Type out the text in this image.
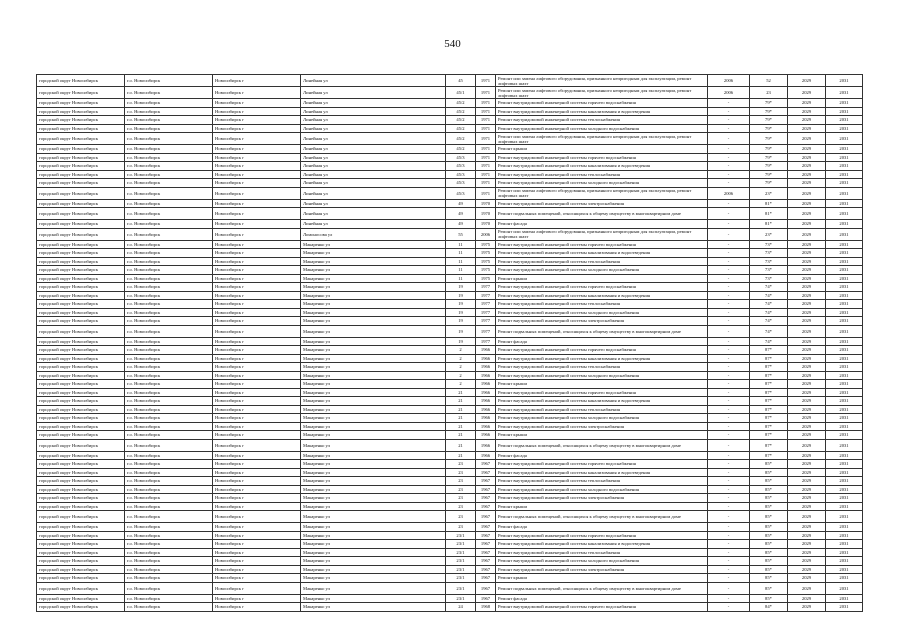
540
городской округ Новосибирск	г.о. Новосибирск	Новосибирск г	Линейная ул	45	1971	Ремонт или замена лифтового оборудования, признанного непригодным для эксплуатации, ремонт лифтовых шахт	2006	52	2029	2031
городской округ Новосибирск	г.о. Новосибирск	Новосибирск г	Линейная ул	45/1	1971	Ремонт или замена лифтового оборудования, признанного непригодным для эксплуатации, ремонт лифтовых шахт	2006	23	2029	2031
городской округ Новосибирск	г.о. Новосибирск	Новосибирск г	Линейная ул	45/2	1971	Ремонт внутридомовой инженерной системы горячего водоснабжения	-	79*	2029	2031
городской округ Новосибирск	г.о. Новосибирск	Новосибирск г	Линейная ул	45/2	1971	Ремонт внутридомовой инженерной системы канализования и водоотведения	-	79*	2029	2031
городской округ Новосибирск	г.о. Новосибирск	Новосибирск г	Линейная ул	45/2	1971	Ремонт внутридомовой инженерной системы теплоснабжения	-	79*	2029	2031
городской округ Новосибирск	г.о. Новосибирск	Новосибирск г	Линейная ул	45/2	1971	Ремонт внутридомовой инженерной системы холодного водоснабжения	-	79*	2029	2031
городской округ Новосибирск	г.о. Новосибирск	Новосибирск г	Линейная ул	45/2	1971	Ремонт или замена лифтового оборудования, признанного непригодным для эксплуатации, ремонт лифтовых шахт	-	79*	2029	2031
городской округ Новосибирск	г.о. Новосибирск	Новосибирск г	Линейная ул	45/2	1971	Ремонт крыши	-	79*	2029	2031
городской округ Новосибирск	г.о. Новосибирск	Новосибирск г	Линейная ул	45/3	1971	Ремонт внутридомовой инженерной системы горячего водоснабжения	-	79*	2029	2031
городской округ Новосибирск	г.о. Новосибирск	Новосибирск г	Линейная ул	45/3	1971	Ремонт внутридомовой инженерной системы канализования и водоотведения	-	79*	2029	2031
городской округ Новосибирск	г.о. Новосибирск	Новосибирск г	Линейная ул	45/3	1971	Ремонт внутридомовой инженерной системы теплоснабжения	-	79*	2029	2031
городской округ Новосибирск	г.о. Новосибирск	Новосибирск г	Линейная ул	45/3	1971	Ремонт внутридомовой инженерной системы холодного водоснабжения	-	79*	2029	2031
городской округ Новосибирск	г.о. Новосибирск	Новосибирск г	Линейная ул	45/3	1971	Ремонт или замена лифтового оборудования, признанного непригодным для эксплуатации, ремонт лифтовых шахт	2006	23*	2029	2031
городской округ Новосибирск	г.о. Новосибирск	Новосибирск г	Линейная ул	49	1970	Ремонт внутридомовой инженерной системы электроснабжения	-	81*	2029	2031
городской округ Новосибирск	г.о. Новосибирск	Новосибирск г	Линейная ул	49	1970	Ремонт подвальных помещений, относящихся к общему имуществу в многоквартирном доме	-	81*	2029	2031
городской округ Новосибирск	г.о. Новосибирск	Новосибирск г	Линейная ул	49	1970	Ремонт фасада	-	81*	2029	2031
городской округ Новосибирск	г.о. Новосибирск	Новосибирск г	Ломоносова ул	55	2006	Ремонт или замена лифтового оборудования, признанного непригодным для эксплуатации, ремонт лифтовых шахт	-	23*	2029	2031
городской округ Новосибирск	г.о. Новосибирск	Новосибирск г	Макаренко ул	11	1975	Ремонт внутридомовой инженерной системы горячего водоснабжения	-	73*	2029	2031
городской округ Новосибирск	г.о. Новосибирск	Новосибирск г	Макаренко ул	11	1975	Ремонт внутридомовой инженерной системы канализования и водоотведения	-	73*	2029	2031
городской округ Новосибирск	г.о. Новосибирск	Новосибирск г	Макаренко ул	11	1975	Ремонт внутридомовой инженерной системы теплоснабжения	-	73*	2029	2031
городской округ Новосибирск	г.о. Новосибирск	Новосибирск г	Макаренко ул	11	1975	Ремонт внутридомовой инженерной системы холодного водоснабжения	-	73*	2029	2031
городской округ Новосибирск	г.о. Новосибирск	Новосибирск г	Макаренко ул	11	1975	Ремонт крыши	-	73*	2029	2031
городской округ Новосибирск	г.о. Новосибирск	Новосибирск г	Макаренко ул	19	1977	Ремонт внутридомовой инженерной системы горячего водоснабжения	-	74*	2029	2031
городской округ Новосибирск	г.о. Новосибирск	Новосибирск г	Макаренко ул	19	1977	Ремонт внутридомовой инженерной системы канализования и водоотведения	-	74*	2029	2031
городской округ Новосибирск	г.о. Новосибирск	Новосибирск г	Макаренко ул	19	1977	Ремонт внутридомовой инженерной системы теплоснабжения	-	74*	2029	2031
городской округ Новосибирск	г.о. Новосибирск	Новосибирск г	Макаренко ул	19	1977	Ремонт внутридомовой инженерной системы холодного водоснабжения	-	74*	2029	2031
городской округ Новосибирск	г.о. Новосибирск	Новосибирск г	Макаренко ул	19	1977	Ремонт внутридомовой инженерной системы электроснабжения	-	74*	2029	2031
городской округ Новосибирск	г.о. Новосибирск	Новосибирск г	Макаренко ул	19	1977	Ремонт подвальных помещений, относящихся к общему имуществу в многоквартирном доме	-	74*	2029	2031
городской округ Новосибирск	г.о. Новосибирск	Новосибирск г	Макаренко ул	19	1977	Ремонт фасада	-	74*	2029	2031
городской округ Новосибирск	г.о. Новосибирск	Новосибирск г	Макаренко ул	2	1966	Ремонт внутридомовой инженерной системы горячего водоснабжения	-	87*	2029	2031
городской округ Новосибирск	г.о. Новосибирск	Новосибирск г	Макаренко ул	2	1966	Ремонт внутридомовой инженерной системы канализования и водоотведения	-	87*	2029	2031
городской округ Новосибирск	г.о. Новосибирск	Новосибирск г	Макаренко ул	2	1966	Ремонт внутридомовой инженерной системы теплоснабжения	-	87*	2029	2031
городской округ Новосибирск	г.о. Новосибирск	Новосибирск г	Макаренко ул	2	1966	Ремонт внутридомовой инженерной системы холодного водоснабжения	-	87*	2029	2031
городской округ Новосибирск	г.о. Новосибирск	Новосибирск г	Макаренко ул	2	1966	Ремонт крыши	-	87*	2029	2031
городской округ Новосибирск	г.о. Новосибирск	Новосибирск г	Макаренко ул	21	1966	Ремонт внутридомовой инженерной системы горячего водоснабжения	-	87*	2029	2031
городской округ Новосибирск	г.о. Новосибирск	Новосибирск г	Макаренко ул	21	1966	Ремонт внутридомовой инженерной системы канализования и водоотведения	-	87*	2029	2031
городской округ Новосибирск	г.о. Новосибирск	Новосибирск г	Макаренко ул	21	1966	Ремонт внутридомовой инженерной системы теплоснабжения	-	87*	2029	2031
городской округ Новосибирск	г.о. Новосибирск	Новосибирск г	Макаренко ул	21	1966	Ремонт внутридомовой инженерной системы холодного водоснабжения	-	87*	2029	2031
городской округ Новосибирск	г.о. Новосибирск	Новосибирск г	Макаренко ул	21	1966	Ремонт внутридомовой инженерной системы электроснабжения	-	87*	2029	2031
городской округ Новосибирск	г.о. Новосибирск	Новосибирск г	Макаренко ул	21	1966	Ремонт крыши	-	87*	2029	2031
городской округ Новосибирск	г.о. Новосибирск	Новосибирск г	Макаренко ул	21	1966	Ремонт подвальных помещений, относящихся к общему имуществу в многоквартирном доме	-	87*	2029	2031
городской округ Новосибирск	г.о. Новосибирск	Новосибирск г	Макаренко ул	21	1966	Ремонт фасада	-	87*	2029	2031
городской округ Новосибирск	г.о. Новосибирск	Новосибирск г	Макаренко ул	23	1967	Ремонт внутридомовой инженерной системы горячего водоснабжения	-	85*	2029	2031
городской округ Новосибирск	г.о. Новосибирск	Новосибирск г	Макаренко ул	23	1967	Ремонт внутридомовой инженерной системы канализования и водоотведения	-	85*	2029	2031
городской округ Новосибирск	г.о. Новосибирск	Новосибирск г	Макаренко ул	23	1967	Ремонт внутридомовой инженерной системы теплоснабжения	-	85*	2029	2031
городской округ Новосибирск	г.о. Новосибирск	Новосибирск г	Макаренко ул	23	1967	Ремонт внутридомовой инженерной системы холодного водоснабжения	-	85*	2029	2031
городской округ Новосибирск	г.о. Новосибирск	Новосибирск г	Макаренко ул	23	1967	Ремонт внутридомовой инженерной системы электроснабжения	-	85*	2029	2031
городской округ Новосибирск	г.о. Новосибирск	Новосибирск г	Макаренко ул	23	1967	Ремонт крыши	-	85*	2029	2031
городской округ Новосибирск	г.о. Новосибирск	Новосибирск г	Макаренко ул	23	1967	Ремонт подвальных помещений, относящихся к общему имуществу в многоквартирном доме	-	85*	2029	2031
городской округ Новосибирск	г.о. Новосибирск	Новосибирск г	Макаренко ул	23	1967	Ремонт фасада	-	85*	2029	2031
городской округ Новосибирск	г.о. Новосибирск	Новосибирск г	Макаренко ул	23/1	1967	Ремонт внутридомовой инженерной системы горячего водоснабжения	-	85*	2029	2031
городской округ Новосибирск	г.о. Новосибирск	Новосибирск г	Макаренко ул	23/1	1967	Ремонт внутридомовой инженерной системы канализования и водоотведения	-	85*	2029	2031
городской округ Новосибирск	г.о. Новосибирск	Новосибирск г	Макаренко ул	23/1	1967	Ремонт внутридомовой инженерной системы теплоснабжения	-	85*	2029	2031
городской округ Новосибирск	г.о. Новосибирск	Новосибирск г	Макаренко ул	23/1	1967	Ремонт внутридомовой инженерной системы холодного водоснабжения	-	85*	2029	2031
городской округ Новосибирск	г.о. Новосибирск	Новосибирск г	Макаренко ул	23/1	1967	Ремонт внутридомовой инженерной системы электроснабжения	-	85*	2029	2031
городской округ Новосибирск	г.о. Новосибирск	Новосибирск г	Макаренко ул	23/1	1967	Ремонт крыши	-	85*	2029	2031
городской округ Новосибирск	г.о. Новосибирск	Новосибирск г	Макаренко ул	23/1	1967	Ремонт подвальных помещений, относящихся к общему имуществу в многоквартирном доме	-	85*	2029	2031
городской округ Новосибирск	г.о. Новосибирск	Новосибирск г	Макаренко ул	23/1	1967	Ремонт фасада	-	85*	2029	2031
городской округ Новосибирск	г.о. Новосибирск	Новосибирск г	Макаренко ул	24	1968	Ремонт внутридомовой инженерной системы горячего водоснабжения	-	84*	2029	2031
